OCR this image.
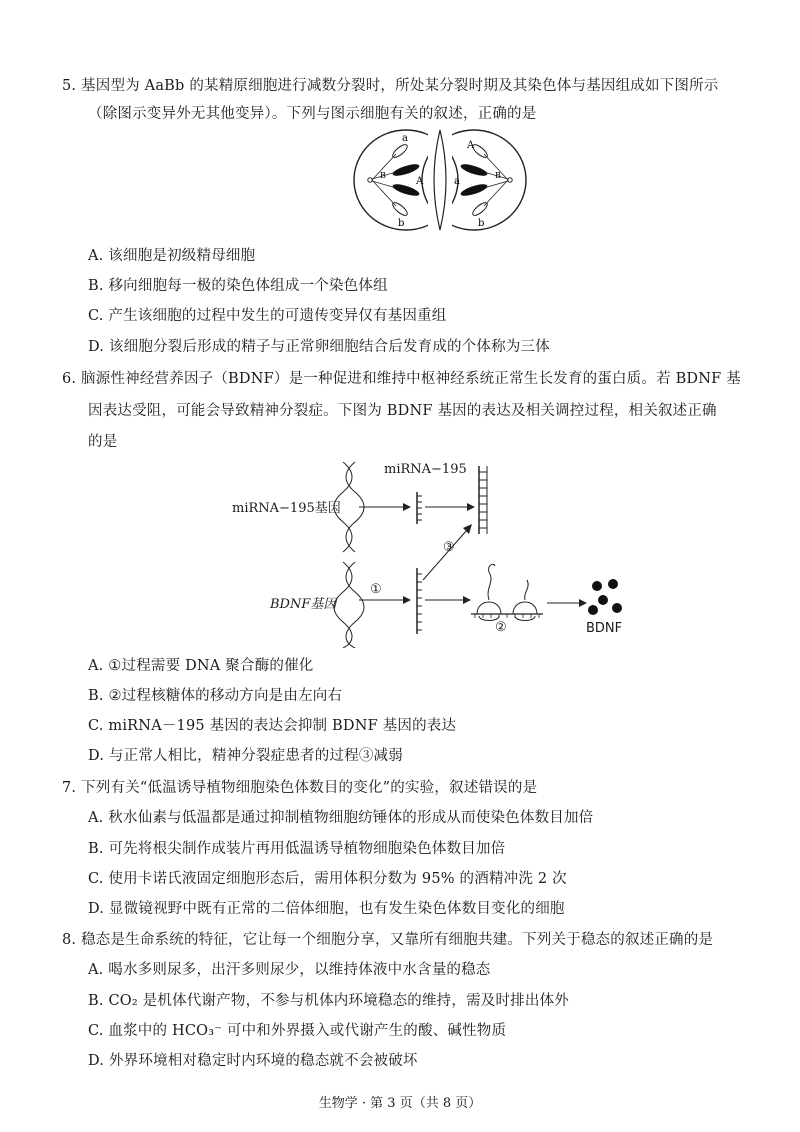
5. 基因型为 AaBb 的某精原细胞进行减数分裂时，所处某分裂时期及其染色体与基因组成如下图所示
（除图示变异外无其他变异）。下列与图示细胞有关的叙述，正确的是
a
A
A	a
B	B
b	b
A. 该细胞是初级精母细胞
B. 移向细胞每一极的染色体组成一个染色体组
C. 产生该细胞的过程中发生的可遗传变异仅有基因重组
D. 该细胞分裂后形成的精子与正常卵细胞结合后发育成的个体称为三体
6. 脑源性神经营养因子（BDNF）是一种促进和维持中枢神经系统正常生长发育的蛋白质。若 BDNF 基
因表达受阻，可能会导致精神分裂症。下图为 BDNF 基因的表达及相关调控过程，相关叙述正确
的是
miRNA−195基因
miRNA−195
BDNF基因
①
②
③
BDNF
A. ①过程需要 DNA 聚合酶的催化
B. ②过程核糖体的移动方向是由左向右
C. miRNA－195 基因的表达会抑制 BDNF 基因的表达
D. 与正常人相比，精神分裂症患者的过程③减弱
7. 下列有关“低温诱导植物细胞染色体数目的变化”的实验，叙述错误的是
A. 秋水仙素与低温都是通过抑制植物细胞纺锤体的形成从而使染色体数目加倍
B. 可先将根尖制作成装片再用低温诱导植物细胞染色体数目加倍
C. 使用卡诺氏液固定细胞形态后，需用体积分数为 95% 的酒精冲洗 2 次
D. 显微镜视野中既有正常的二倍体细胞，也有发生染色体数目变化的细胞
8. 稳态是生命系统的特征，它让每一个细胞分享，又靠所有细胞共建。下列关于稳态的叙述正确的是
A. 喝水多则尿多，出汗多则尿少，以维持体液中水含量的稳态
B. CO₂ 是机体代谢产物，不参与机体内环境稳态的维持，需及时排出体外
C. 血浆中的 HCO₃⁻ 可中和外界摄入或代谢产生的酸、碱性物质
D. 外界环境相对稳定时内环境的稳态就不会被破坏
生物学 · 第 3 页（共 8 页）
